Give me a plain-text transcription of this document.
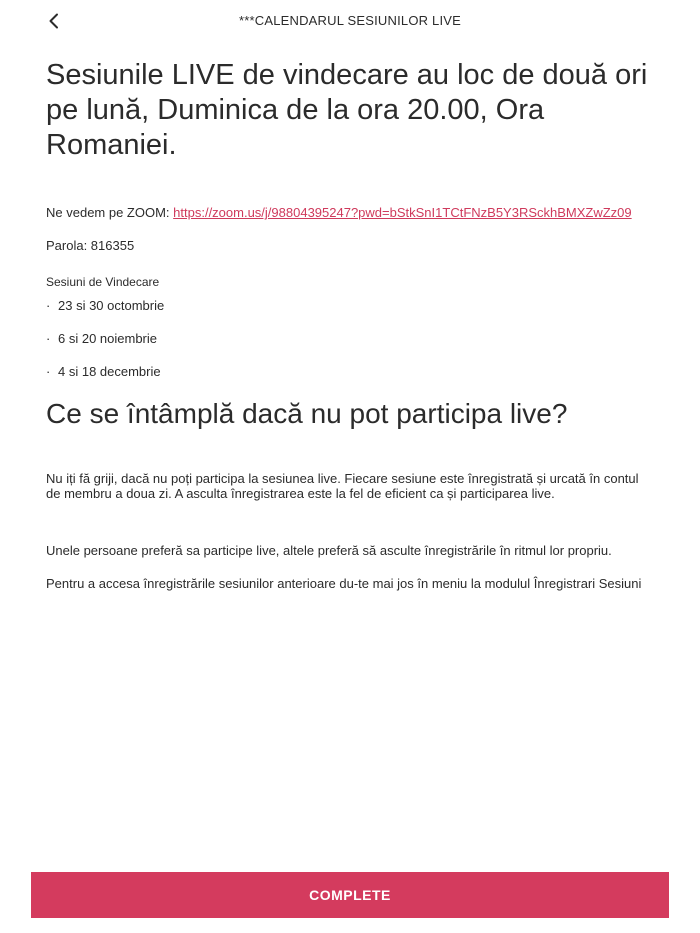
***CALENDARUL SESIUNILOR LIVE
Sesiunile LIVE de vindecare au loc de două ori pe lună, Duminica de la ora 20.00, Ora Romaniei.
Ne vedem pe ZOOM: https://zoom.us/j/98804395247?pwd=bStkSnI1TCtFNzB5Y3RSckhBMXZwZz09
Parola: 816355
Sesiuni de Vindecare
· 23 si 30 octombrie
· 6 si 20 noiembrie
· 4 si 18 decembrie
Ce se întâmplă dacă nu pot participa live?

Nu iți fă griji, dacă nu poți participa la sesiunea live. Fiecare sesiune este înregistrată și urcată în contul de membru a doua zi. A asculta înregistrarea este la fel de eficient ca și participarea live.

Unele persoane preferă sa participe live, altele preferă să asculte înregistrările în ritmul lor propriu.

Pentru a accesa înregistrările sesiunilor anterioare du-te mai jos în meniu la modulul Înregistrari Sesiuni

COMPLETE
